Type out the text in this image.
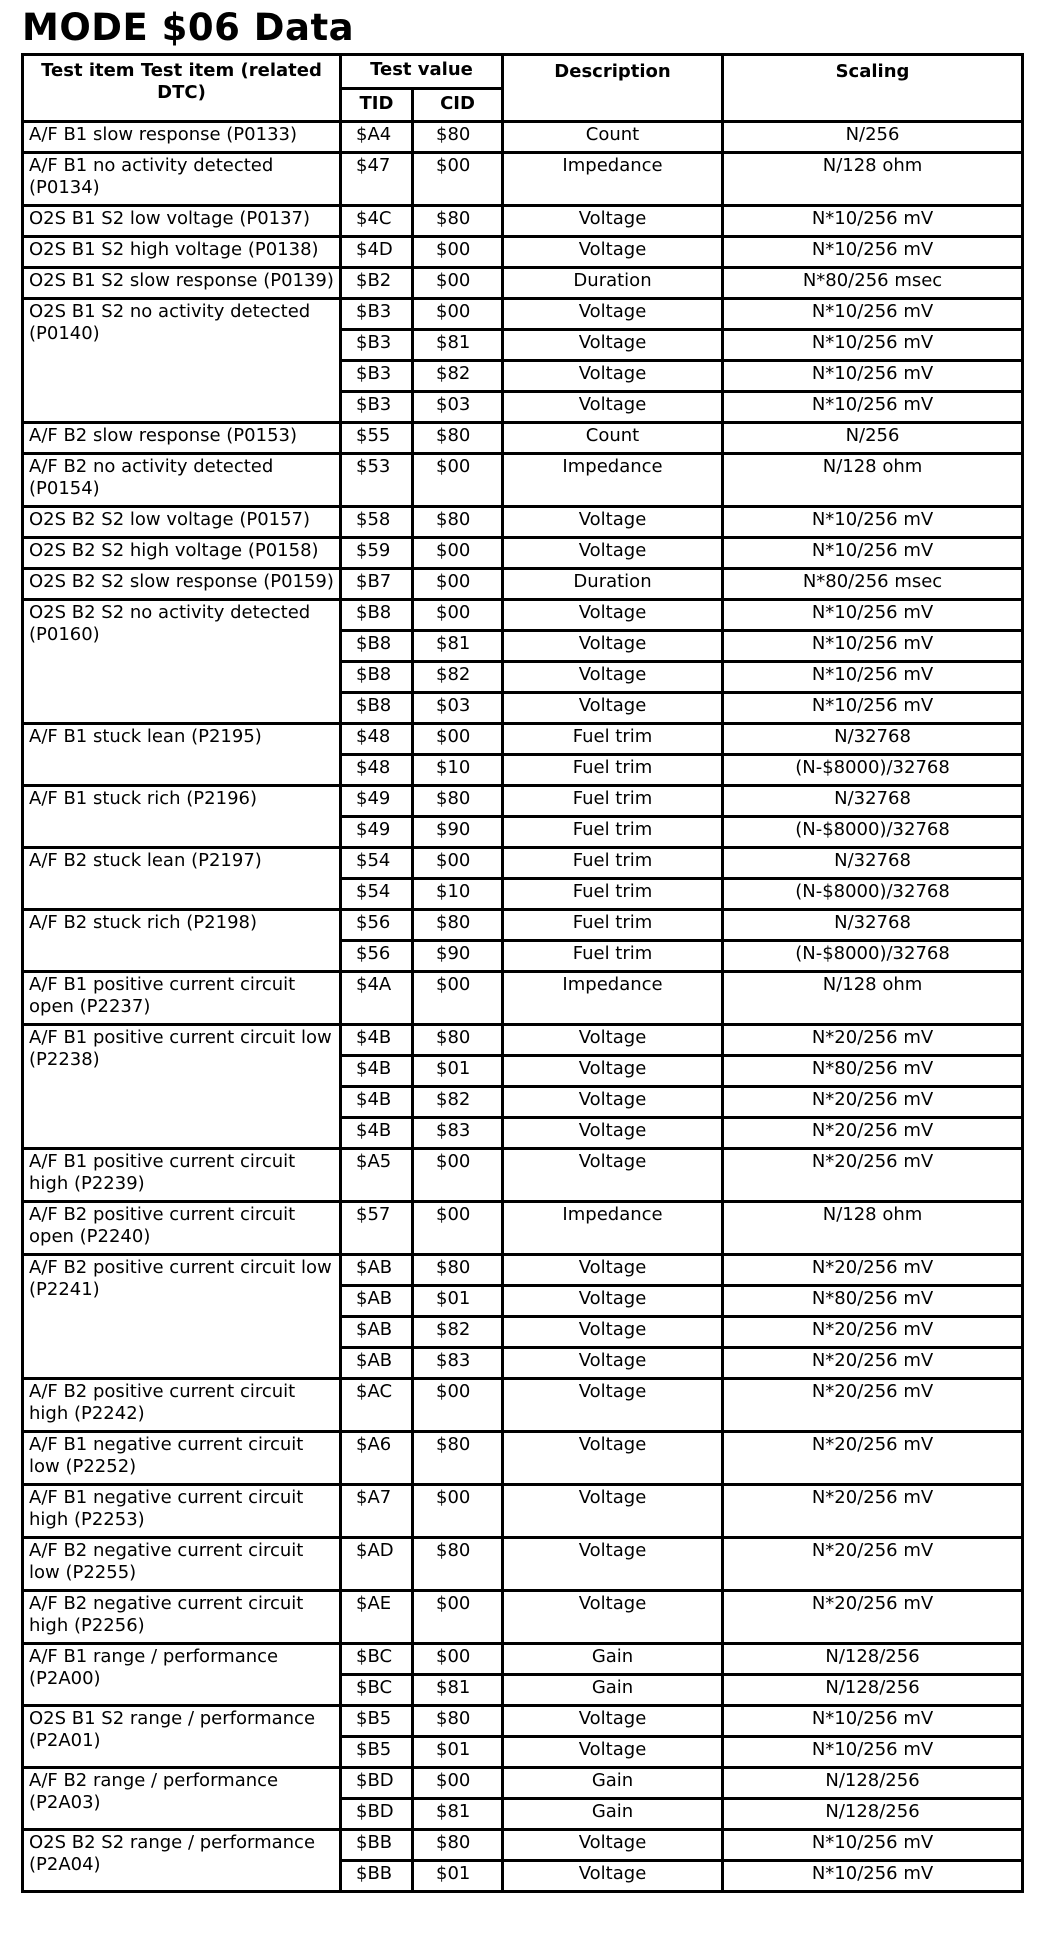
MODE $06 Data
Test item Test item (related DTC)	Test value		Description	Scaling
	TID	CID		
A/F B1 slow response (P0133)	$A4	$80	Count	N/256
A/F B1 no activity detected (P0134)	$47	$00	Impedance	N/128 ohm
O2S B1 S2 low voltage (P0137)	$4C	$80	Voltage	N*10/256 mV
O2S B1 S2 high voltage (P0138)	$4D	$00	Voltage	N*10/256 mV
O2S B1 S2 slow response (P0139)	$B2	$00	Duration	N*80/256 msec
O2S B1 S2 no activity detected (P0140)	$B3	$00	Voltage	N*10/256 mV
	$B3	$81	Voltage	N*10/256 mV
	$B3	$82	Voltage	N*10/256 mV
	$B3	$03	Voltage	N*10/256 mV
A/F B2 slow response (P0153)	$55	$80	Count	N/256
A/F B2 no activity detected (P0154)	$53	$00	Impedance	N/128 ohm
O2S B2 S2 low voltage (P0157)	$58	$80	Voltage	N*10/256 mV
O2S B2 S2 high voltage (P0158)	$59	$00	Voltage	N*10/256 mV
O2S B2 S2 slow response (P0159)	$B7	$00	Duration	N*80/256 msec
O2S B2 S2 no activity detected (P0160)	$B8	$00	Voltage	N*10/256 mV
	$B8	$81	Voltage	N*10/256 mV
	$B8	$82	Voltage	N*10/256 mV
	$B8	$03	Voltage	N*10/256 mV
A/F B1 stuck lean (P2195)	$48	$00	Fuel trim	N/32768
	$48	$10	Fuel trim	(N-$8000)/32768
A/F B1 stuck rich (P2196)	$49	$80	Fuel trim	N/32768
	$49	$90	Fuel trim	(N-$8000)/32768
A/F B2 stuck lean (P2197)	$54	$00	Fuel trim	N/32768
	$54	$10	Fuel trim	(N-$8000)/32768
A/F B2 stuck rich (P2198)	$56	$80	Fuel trim	N/32768
	$56	$90	Fuel trim	(N-$8000)/32768
A/F B1 positive current circuit open (P2237)	$4A	$00	Impedance	N/128 ohm
A/F B1 positive current circuit low (P2238)	$4B	$80	Voltage	N*20/256 mV
	$4B	$01	Voltage	N*80/256 mV
	$4B	$82	Voltage	N*20/256 mV
	$4B	$83	Voltage	N*20/256 mV
A/F B1 positive current circuit high (P2239)	$A5	$00	Voltage	N*20/256 mV
A/F B2 positive current circuit open (P2240)	$57	$00	Impedance	N/128 ohm
A/F B2 positive current circuit low (P2241)	$AB	$80	Voltage	N*20/256 mV
	$AB	$01	Voltage	N*80/256 mV
	$AB	$82	Voltage	N*20/256 mV
	$AB	$83	Voltage	N*20/256 mV
A/F B2 positive current circuit high (P2242)	$AC	$00	Voltage	N*20/256 mV
A/F B1 negative current circuit low (P2252)	$A6	$80	Voltage	N*20/256 mV
A/F B1 negative current circuit high (P2253)	$A7	$00	Voltage	N*20/256 mV
A/F B2 negative current circuit low (P2255)	$AD	$80	Voltage	N*20/256 mV
A/F B2 negative current circuit high (P2256)	$AE	$00	Voltage	N*20/256 mV
A/F B1 range / performance (P2A00)	$BC	$00	Gain	N/128/256
	$BC	$81	Gain	N/128/256
O2S B1 S2 range / performance (P2A01)	$B5	$80	Voltage	N*10/256 mV
	$B5	$01	Voltage	N*10/256 mV
A/F B2 range / performance (P2A03)	$BD	$00	Gain	N/128/256
	$BD	$81	Gain	N/128/256
O2S B2 S2 range / performance (P2A04)	$BB	$80	Voltage	N*10/256 mV
	$BB	$01	Voltage	N*10/256 mV
